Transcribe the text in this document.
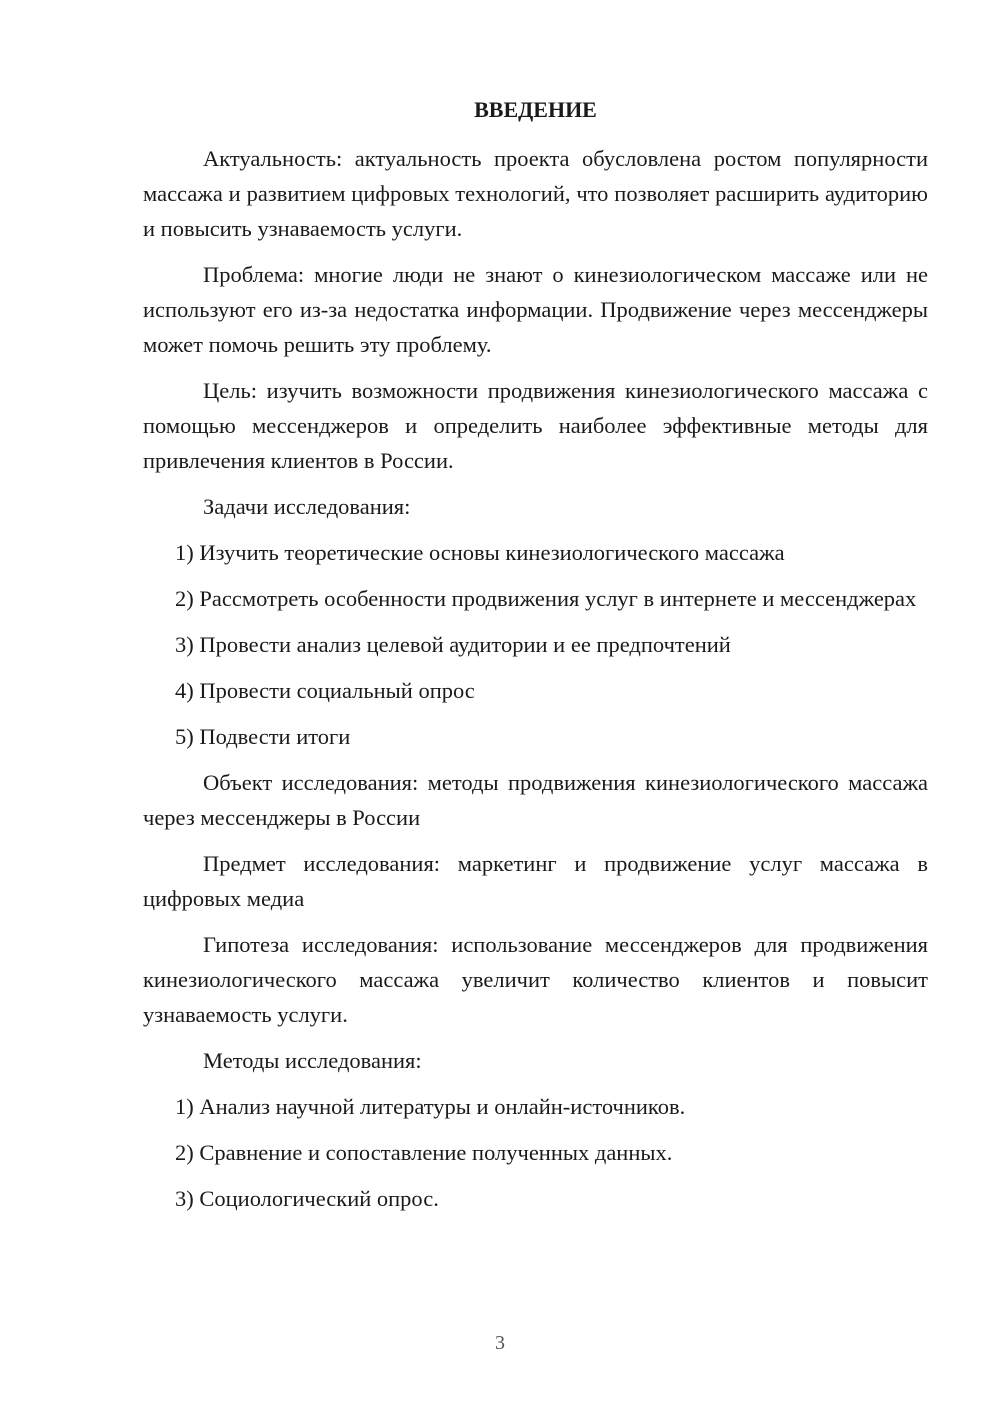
ВВЕДЕНИЕ

Актуальность: актуальность проекта обусловлена ростом популярности массажа и развитием цифровых технологий, что позволяет расширить аудиторию и повысить узнаваемость услуги.

Проблема: многие люди не знают о кинезиологическом массаже или не используют его из-за недостатка информации. Продвижение через мессенджеры может помочь решить эту проблему.

Цель: изучить возможности продвижения кинезиологического массажа с помощью мессенджеров и определить наиболее эффективные методы для привлечения клиентов в России.

Задачи исследования:

1) Изучить теоретические основы кинезиологического массажа

2) Рассмотреть особенности продвижения услуг в интернете и мессенджерах

3) Провести анализ целевой аудитории и ее предпочтений

4) Провести социальный опрос

5) Подвести итоги

Объект исследования: методы продвижения кинезиологического массажа через мессенджеры в России

Предмет исследования: маркетинг и продвижение услуг массажа в цифровых медиа

Гипотеза исследования: использование мессенджеров для продвижения кинезиологического массажа увеличит количество клиентов и повысит узнаваемость услуги.

Методы исследования:

1) Анализ научной литературы и онлайн-источников.

2) Сравнение и сопоставление полученных данных.

3) Социологический опрос.

3
